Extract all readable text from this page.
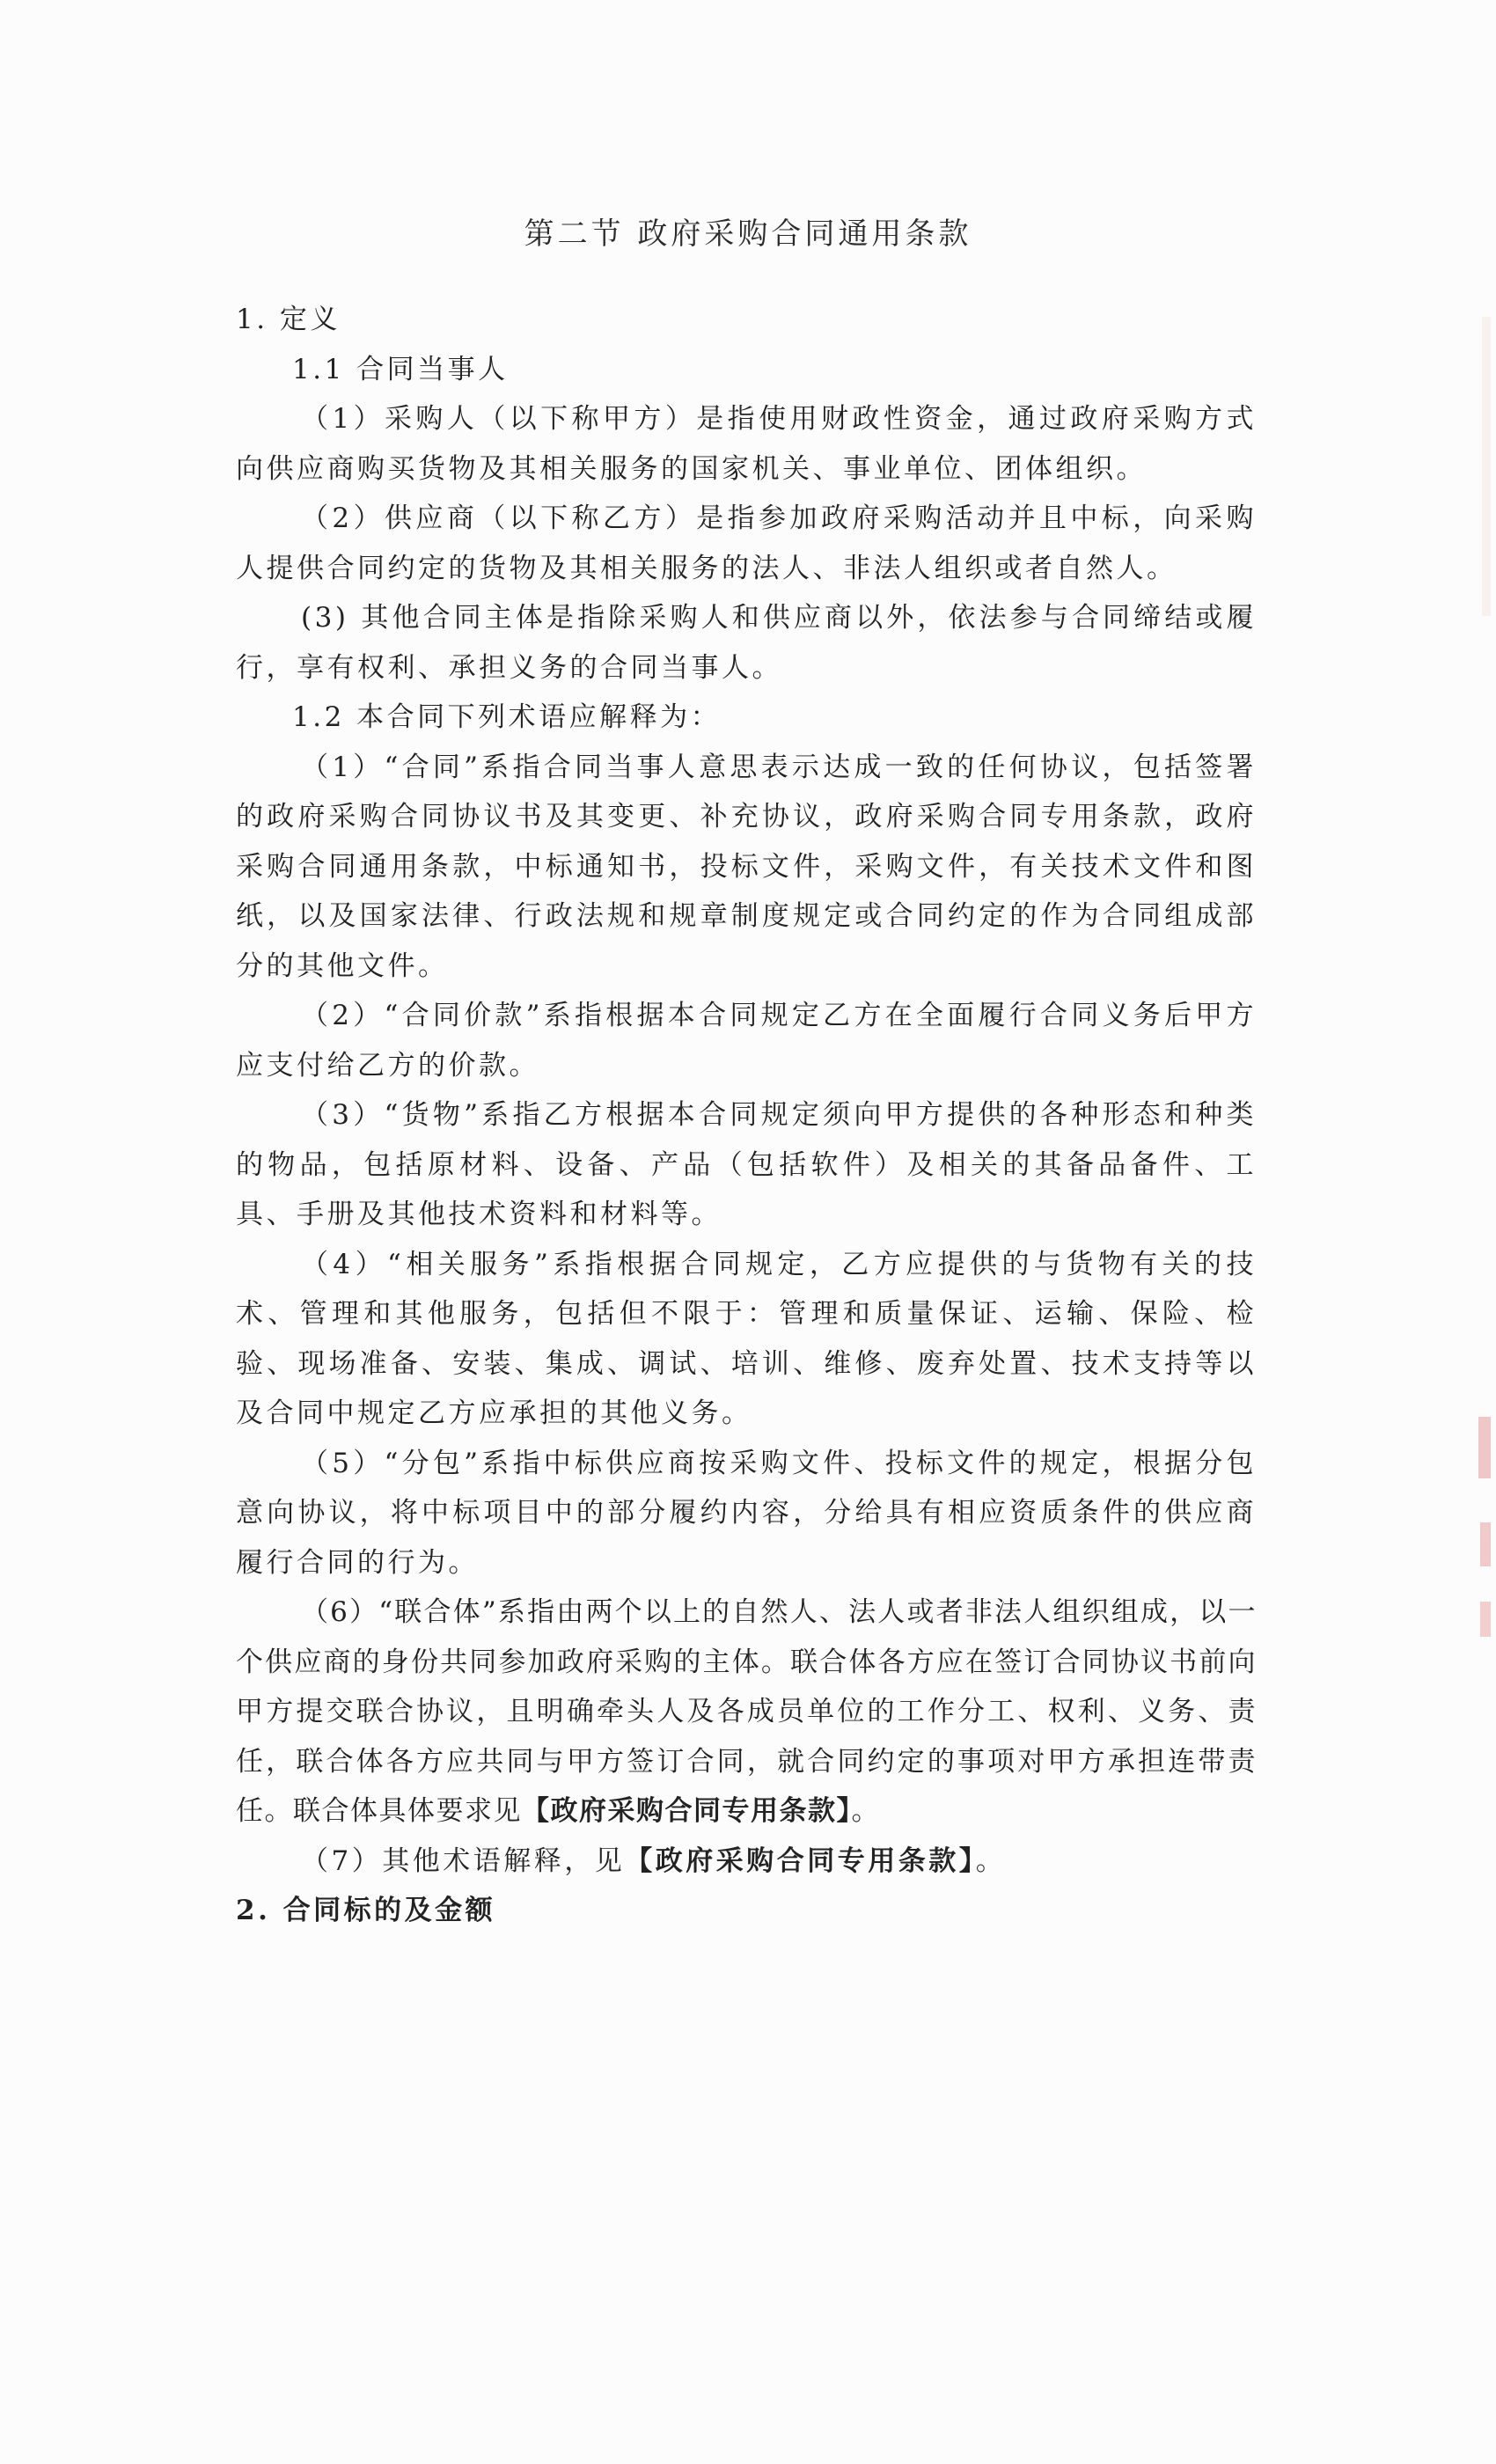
第二节 政府采购合同通用条款

1. 定义

1.1 合同当事人

（1）采购人（以下称甲方）是指使用财政性资金，通过政府采购方式向供应商购买货物及其相关服务的国家机关、事业单位、团体组织。

（2）供应商（以下称乙方）是指参加政府采购活动并且中标，向采购人提供合同约定的货物及其相关服务的法人、非法人组织或者自然人。

(3) 其他合同主体是指除采购人和供应商以外，依法参与合同缔结或履行，享有权利、承担义务的合同当事人。

1.2 本合同下列术语应解释为：

（1）“合同”系指合同当事人意思表示达成一致的任何协议，包括签署的政府采购合同协议书及其变更、补充协议，政府采购合同专用条款，政府采购合同通用条款，中标通知书，投标文件，采购文件，有关技术文件和图纸，以及国家法律、行政法规和规章制度规定或合同约定的作为合同组成部分的其他文件。

（2）“合同价款”系指根据本合同规定乙方在全面履行合同义务后甲方应支付给乙方的价款。

（3）“货物”系指乙方根据本合同规定须向甲方提供的各种形态和种类的物品，包括原材料、设备、产品（包括软件）及相关的其备品备件、工具、手册及其他技术资料和材料等。

（4）“相关服务”系指根据合同规定，乙方应提供的与货物有关的技术、管理和其他服务，包括但不限于：管理和质量保证、运输、保险、检验、现场准备、安装、集成、调试、培训、维修、废弃处置、技术支持等以及合同中规定乙方应承担的其他义务。

（5）“分包”系指中标供应商按采购文件、投标文件的规定，根据分包意向协议，将中标项目中的部分履约内容，分给具有相应资质条件的供应商履行合同的行为。

（6）“联合体”系指由两个以上的自然人、法人或者非法人组织组成，以一个供应商的身份共同参加政府采购的主体。联合体各方应在签订合同协议书前向甲方提交联合协议，且明确牵头人及各成员单位的工作分工、权利、义务、责任，联合体各方应共同与甲方签订合同，就合同约定的事项对甲方承担连带责任。联合体具体要求见【政府采购合同专用条款】。

（7）其他术语解释，见【政府采购合同专用条款】。

2. 合同标的及金额
